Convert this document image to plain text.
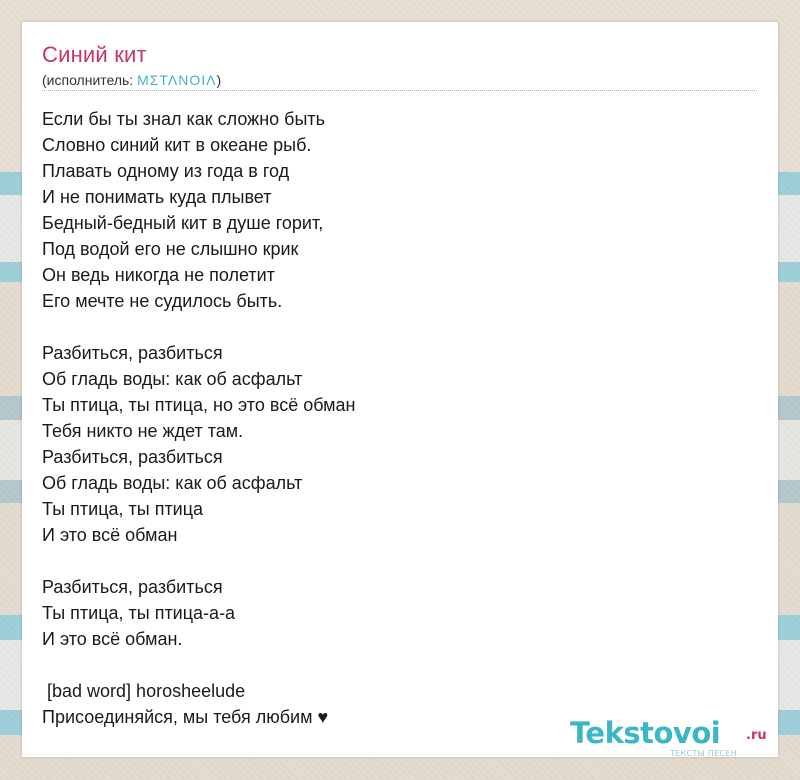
Синий кит
(исполнитель: ΜΣΤΛΝΟΙΛ)
Если бы ты знал как сложно быть
Словно синий кит в океане рыб.
Плавать одному из года в год
И не понимать куда плывет
Бедный-бедный кит в душе горит,
Под водой его не слышно крик
Он ведь никогда не полетит
Его мечте не судилось быть.
Разбиться, разбиться
Об гладь воды: как об асфальт
Ты птица, ты птица, но это всё обман
Тебя никто не ждет там.
Разбиться, разбиться
Об гладь воды: как об асфальт
Ты птица, ты птица
И это всё обман
Разбиться, разбиться
Ты птица, ты птица-а-а
И это всё обман.
[bad word] horosheelude
Присоединяйся, мы тебя любим ♥	Tekstovoi .ru
ТЕКСТЫ ПЕСЕН
